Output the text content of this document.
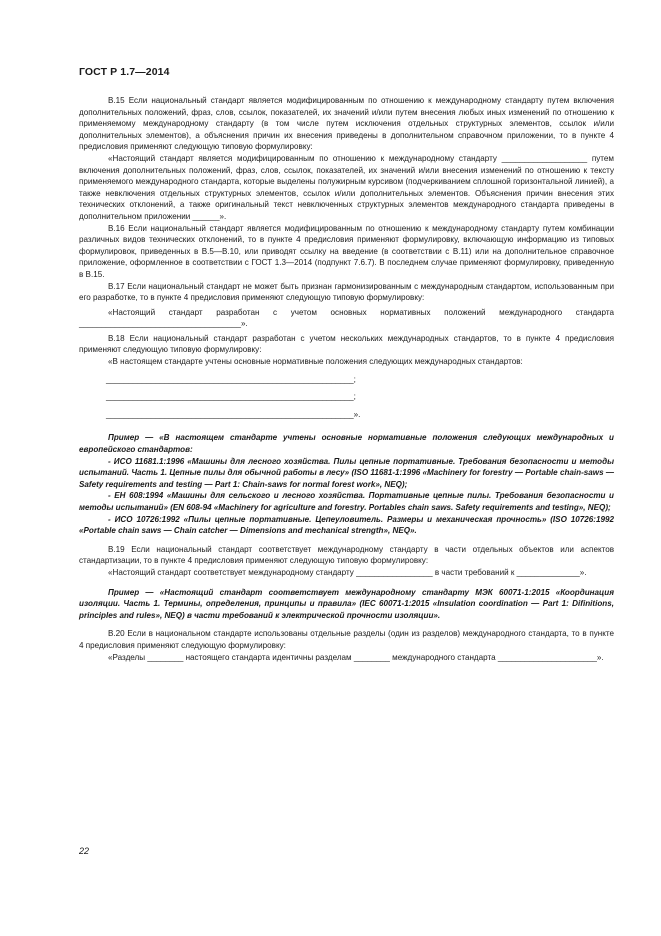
ГОСТ Р 1.7—2014

В.15 Если национальный стандарт является модифицированным по отношению к международному стандарту путем включения дополнительных положений, фраз, слов, ссылок, показателей, их значений и/или путем внесения любых иных изменений по отношению к применяемому международному стандарту (в том числе путем исключения отдельных структурных элементов, ссылок и/или дополнительных элементов), а объяснения причин их внесения приведены в дополнительном справочном приложении, то в пункте 4 предисловия применяют следующую типовую формулировку:

«Настоящий стандарт является модифицированным по отношению к международному стандарту ___________________ путем включения дополнительных положений, фраз, слов, ссылок, показателей, их значений и/или внесения изменений по отношению к тексту применяемого международного стандарта, которые выделены полужирным курсивом (подчеркиванием сплошной горизонтальной линией), а также невключения отдельных структурных элементов, ссылок и/или дополнительных элементов. Объяснения причин внесения этих технических отклонений, а также оригинальный текст невключенных структурных элементов международного стандарта приведены в дополнительном приложении ______».

В.16 Если национальный стандарт является модифицированным по отношению к международному стандарту путем комбинации различных видов технических отклонений, то в пункте 4 предисловия применяют формулировку, включающую информацию из типовых формулировок, приведенных в В.5—В.10, или приводят ссылку на введение (в соответствии с В.11) или на дополнительное справочное приложение, оформленное в соответствии с ГОСТ 1.3—2014 (подпункт 7.6.7). В последнем случае применяют формулировку, приведенную в В.15.

В.17 Если национальный стандарт не может быть признан гармонизированным с международным стандартом, использованным при его разработке, то в пункте 4 предисловия применяют следующую типовую формулировку:

«Настоящий стандарт разработан с учетом основных нормативных положений международного стандарта ____________________________________».

В.18 Если национальный стандарт разработан с учетом нескольких международных стандартов, то в пункте 4 предисловия применяют следующую типовую формулировку:

«В настоящем стандарте учтены основные нормативные положения следующих международных стандартов:

_______________________________________________________;

_______________________________________________________;

_______________________________________________________».

Пример — «В настоящем стандарте учтены основные нормативные положения следующих международных и европейского стандартов:

- ИСО 11681.1:1996 «Машины для лесного хозяйства. Пилы цепные портативные. Требования безопасности и методы испытаний. Часть 1. Цепные пилы для обычной работы в лесу» (ISO 11681-1:1996 «Machinery for forestry — Portable chain-saws — Safety requirements and testing — Part 1: Chain-saws for normal forest work», NEQ);

- ЕН 608:1994 «Машины для сельского и лесного хозяйства. Портативные цепные пилы. Требования безопасности и методы испытаний» (EN 608-94 «Machinery for agriculture and forestry. Portables chain saws. Safety requirements and testing», NEQ);

- ИСО 10726:1992 «Пилы цепные портативные. Цепеуловитель. Размеры и механическая прочность» (ISO 10726:1992 «Portable chain saws — Chain catcher — Dimensions and mechanical strength», NEQ».

В.19 Если национальный стандарт соответствует международному стандарту в части отдельных объектов или аспектов стандартизации, то в пункте 4 предисловия применяют следующую типовую формулировку:

«Настоящий стандарт соответствует международному стандарту _________________ в части требований к ______________».

Пример — «Настоящий стандарт соответствует международному стандарту МЭК 60071-1:2015 «Координация изоляции. Часть 1. Термины, определения, принципы и правила» (IEC 60071-1:2015 «Insulation coordination — Part 1: Difinitions, principles and rules», NEQ) в части требований к электрической прочности изоляции».

В.20 Если в национальном стандарте использованы отдельные разделы (один из разделов) международного стандарта, то в пункте 4 предисловия применяют следующую формулировку:

«Разделы ________ настоящего стандарта идентичны разделам ________ международного стандарта ______________________».

22
